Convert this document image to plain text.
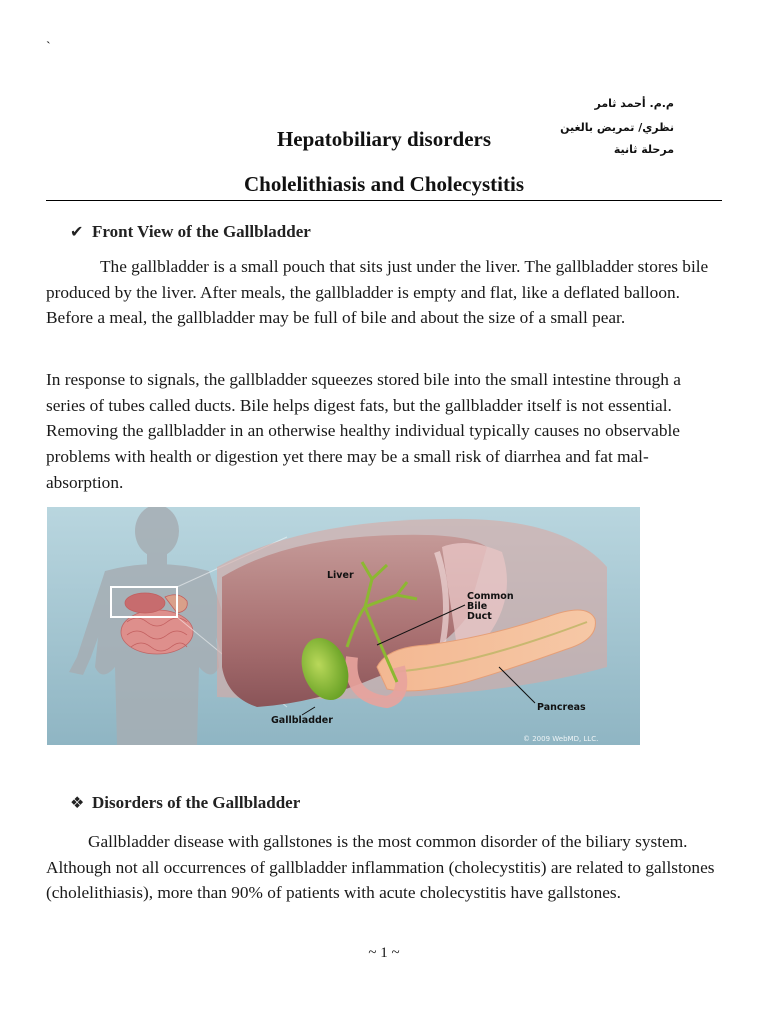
`
م.م. أحمد ثامر
نظري/ تمريض بالغين
مرحلة ثانية
Hepatobiliary disorders
Cholelithiasis and Cholecystitis
✔ Front View of the Gallbladder
The gallbladder is a small pouch that sits just under the liver. The gallbladder stores bile produced by the liver. After meals, the gallbladder is empty and flat, like a deflated balloon. Before a meal, the gallbladder may be full of bile and about the size of a small pear.
In response to signals, the gallbladder squeezes stored bile into the small intestine through a series of tubes called ducts. Bile helps digest fats, but the gallbladder itself is not essential. Removing the gallbladder in an otherwise healthy individual typically causes no observable problems with health or digestion yet there may be a small risk of diarrhea and fat mal-absorption.
Liver
Common
Bile
Duct
Pancreas
Gallbladder
© 2009 WebMD, LLC.
❖ Disorders of the Gallbladder
Gallbladder disease with gallstones is the most common disorder of the biliary system. Although not all occurrences of gallbladder inflammation (cholecystitis) are related to gallstones (cholelithiasis), more than 90% of patients with acute cholecystitis have gallstones.
~ 1 ~
